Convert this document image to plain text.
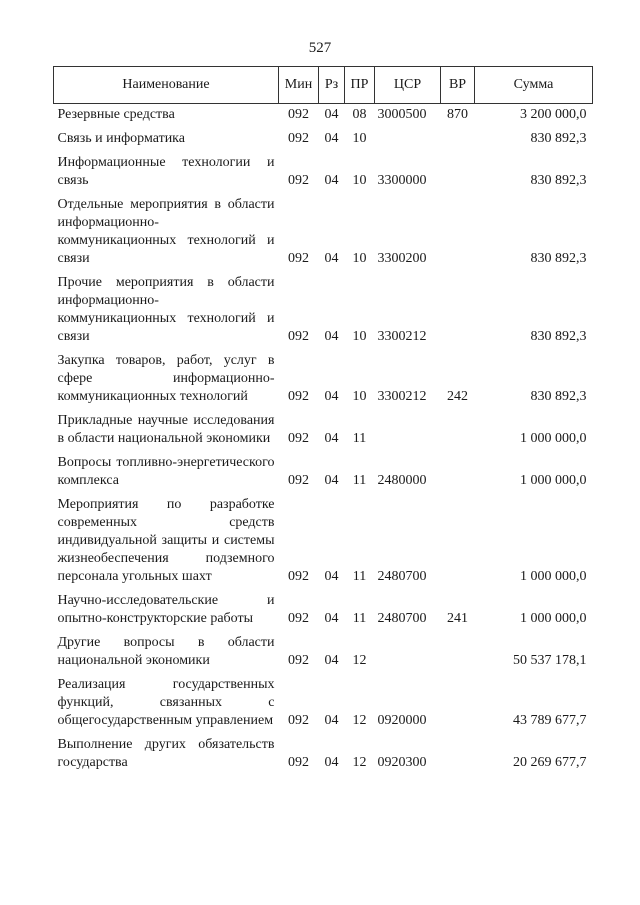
527
Наименование	Мин	Рз	ПР	ЦСР	ВР	Сумма
Резервные средства	092	04	08	3000500	870	3 200 000,0
Связь и информатика	092	04	10			830 892,3
Информационные технологии и связь	092	04	10	3300000		830 892,3
Отдельные мероприятия в области информационно-коммуникационных технологий и связи	092	04	10	3300200		830 892,3
Прочие мероприятия в области информационно-коммуникационных технологий и связи	092	04	10	3300212		830 892,3
Закупка товаров, работ, услуг в сфере информационно-коммуникационных технологий	092	04	10	3300212	242	830 892,3
Прикладные научные исследования в области национальной экономики	092	04	11			1 000 000,0
Вопросы топливно-энергетического комплекса	092	04	11	2480000		1 000 000,0
Мероприятия по разработке современных средств индивидуальной защиты и системы жизнеобеспечения подземного персонала угольных шахт	092	04	11	2480700		1 000 000,0
Научно-исследовательские и опытно-конструкторские работы	092	04	11	2480700	241	1 000 000,0
Другие вопросы в области национальной экономики	092	04	12			50 537 178,1
Реализация государственных функций, связанных с общегосударственным управлением	092	04	12	0920000		43 789 677,7
Выполнение других обязательств государства	092	04	12	0920300		20 269 677,7
